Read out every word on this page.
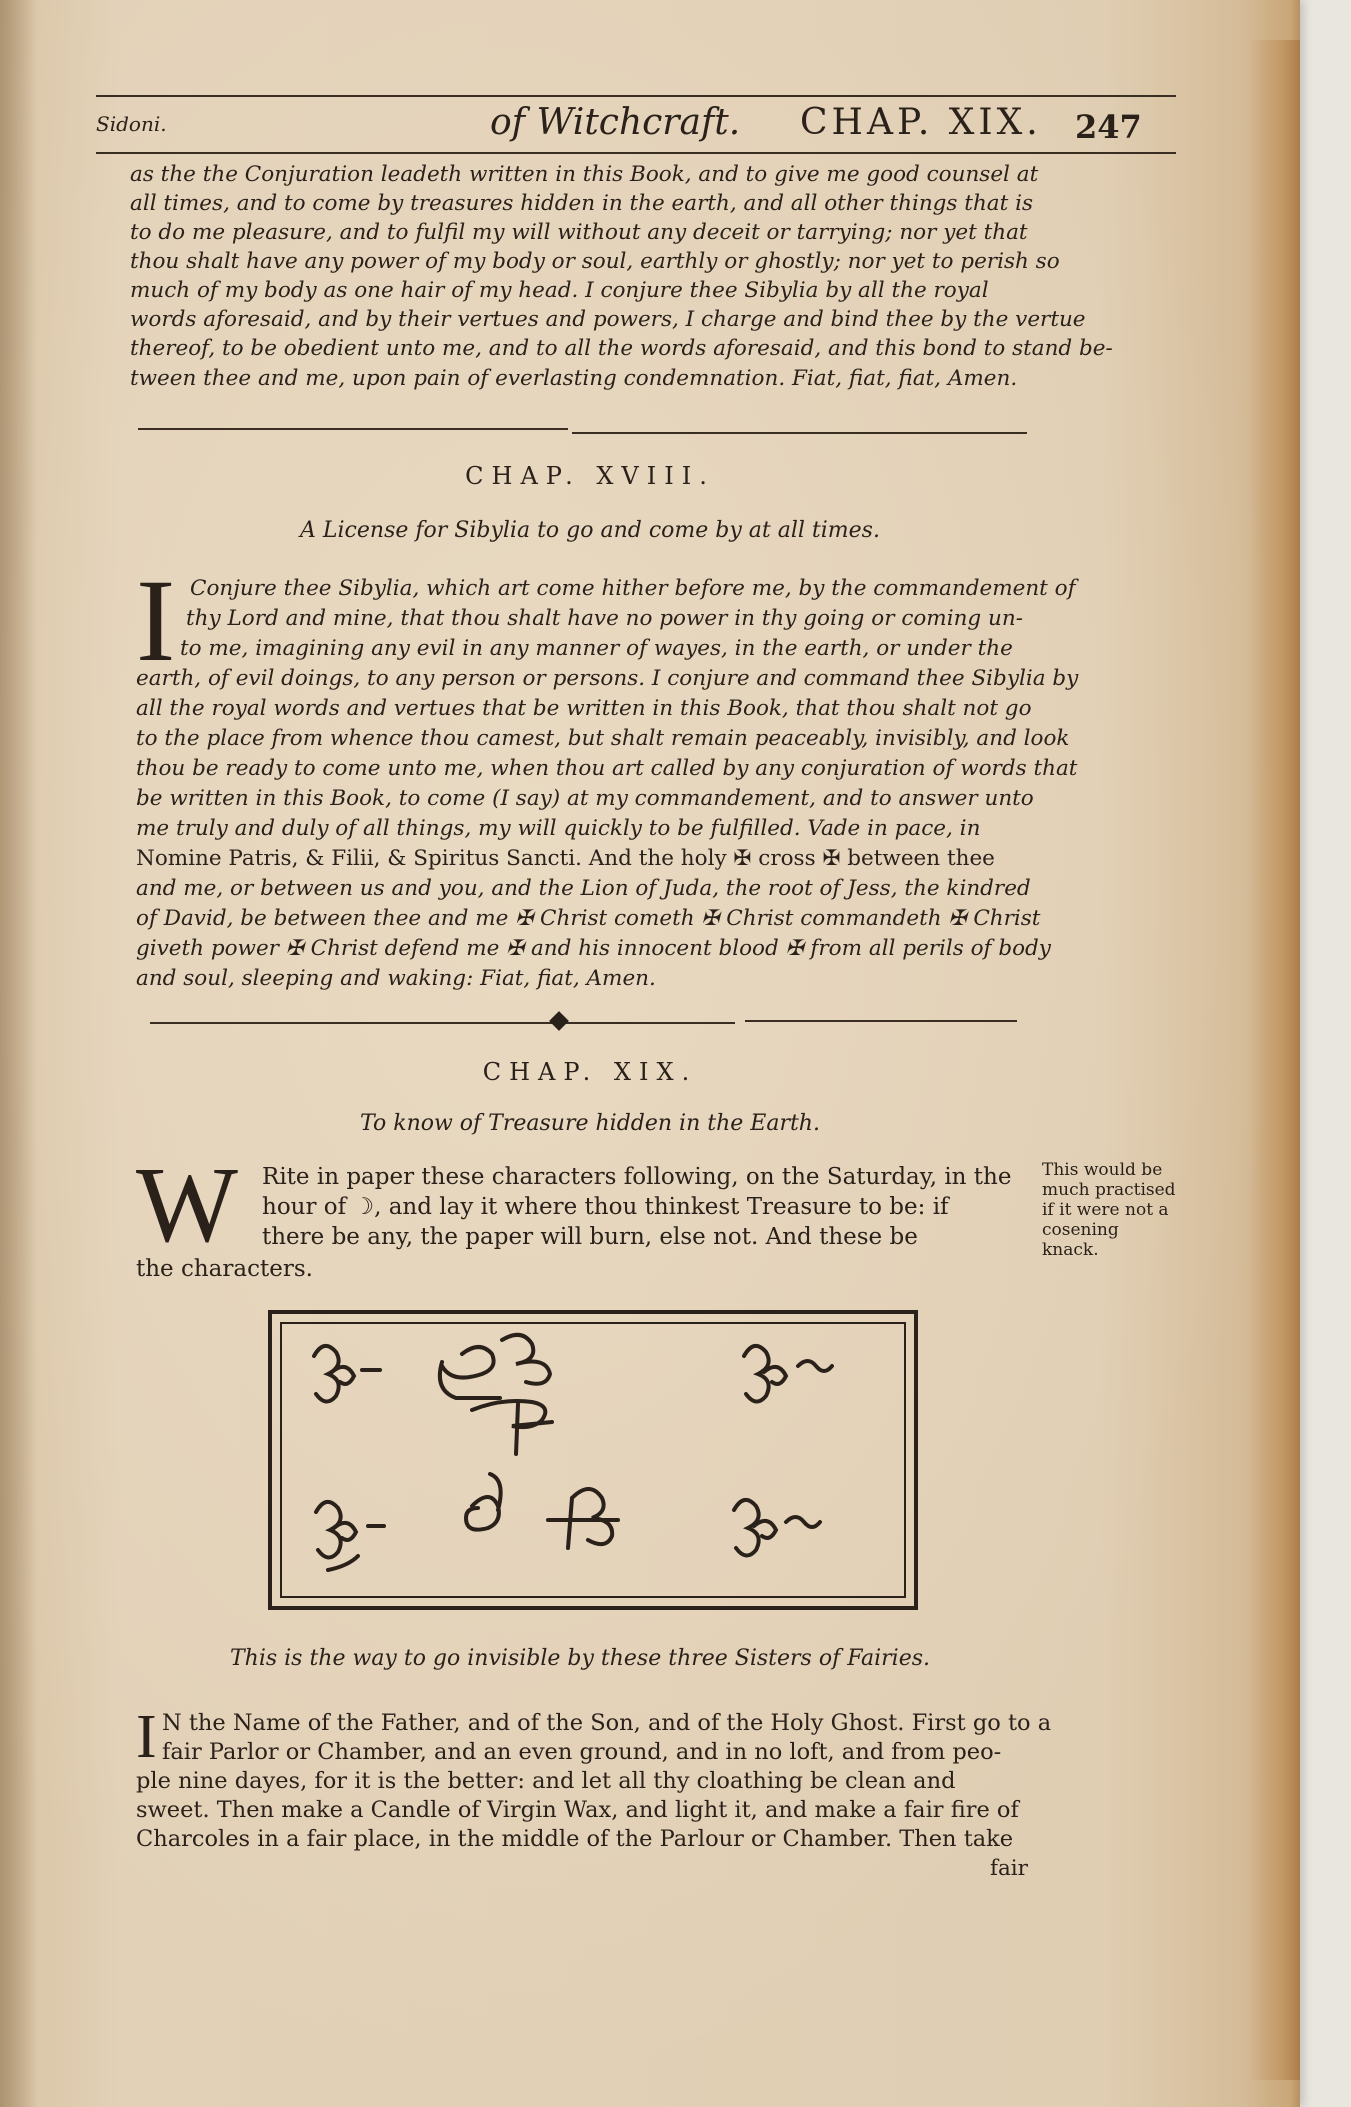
Sidoni.	of Witchcraft. CHAP. XIX. 247
as the the Conjuration leadeth written in this Book, and to give me good counsel at
all times, and to come by treasures hidden in the earth, and all other things that is
to do me pleasure, and to fulfil my will without any deceit or tarrying; nor yet that
thou shalt have any power of my body or soul, earthly or ghostly; nor yet to perish so
much of my body as one hair of my head. I conjure thee Sibylia by all the royal
words aforesaid, and by their vertues and powers, I charge and bind thee by the vertue
thereof, to be obedient unto me, and to all the words aforesaid, and this bond to stand be-
tween thee and me, upon pain of everlasting condemnation. Fiat, fiat, fiat, Amen.
CHAP. XVIII.
A License for Sibylia to go and come by at all times.
I Conjure thee Sibylia, which art come hither before me, by the commandement of
thy Lord and mine, that thou shalt have no power in thy going or coming un-
to me, imagining any evil in any manner of wayes, in the earth, or under the
earth, of evil doings, to any person or persons. I conjure and command thee Sibylia by
all the royal words and vertues that be written in this Book, that thou shalt not go
to the place from whence thou camest, but shalt remain peaceably, invisibly, and look
thou be ready to come unto me, when thou art called by any conjuration of words that
be written in this Book, to come (I say) at my commandement, and to answer unto
me truly and duly of all things, my will quickly to be fulfilled. Vade in pace, in
Nomine Patris, & Filii, & Spiritus Sancti. And the holy ✠ cross ✠ between thee
and me, or between us and you, and the Lion of Juda, the root of Jess, the kindred
of David, be between thee and me ✠ Christ cometh ✠ Christ commandeth ✠ Christ
giveth power ✠ Christ defend me ✠ and his innocent blood ✠ from all perils of body
and soul, sleeping and waking: Fiat, fiat, Amen.
CHAP. XIX.
To know of Treasure hidden in the Earth.
W Rite in paper these characters following, on the Saturday, in the
hour of ☽, and lay it where thou thinkest Treasure to be: if
there be any, the paper will burn, else not. And these be
the characters.
This would be
much practised
if it were not a
cosening
knack.
This is the way to go invisible by these three Sisters of Fairies.
I N the Name of the Father, and of the Son, and of the Holy Ghost. First go to a
fair Parlor or Chamber, and an even ground, and in no loft, and from peo-
ple nine dayes, for it is the better: and let all thy cloathing be clean and
sweet. Then make a Candle of Virgin Wax, and light it, and make a fair fire of
Charcoles in a fair place, in the middle of the Parlour or Chamber. Then take
fair
